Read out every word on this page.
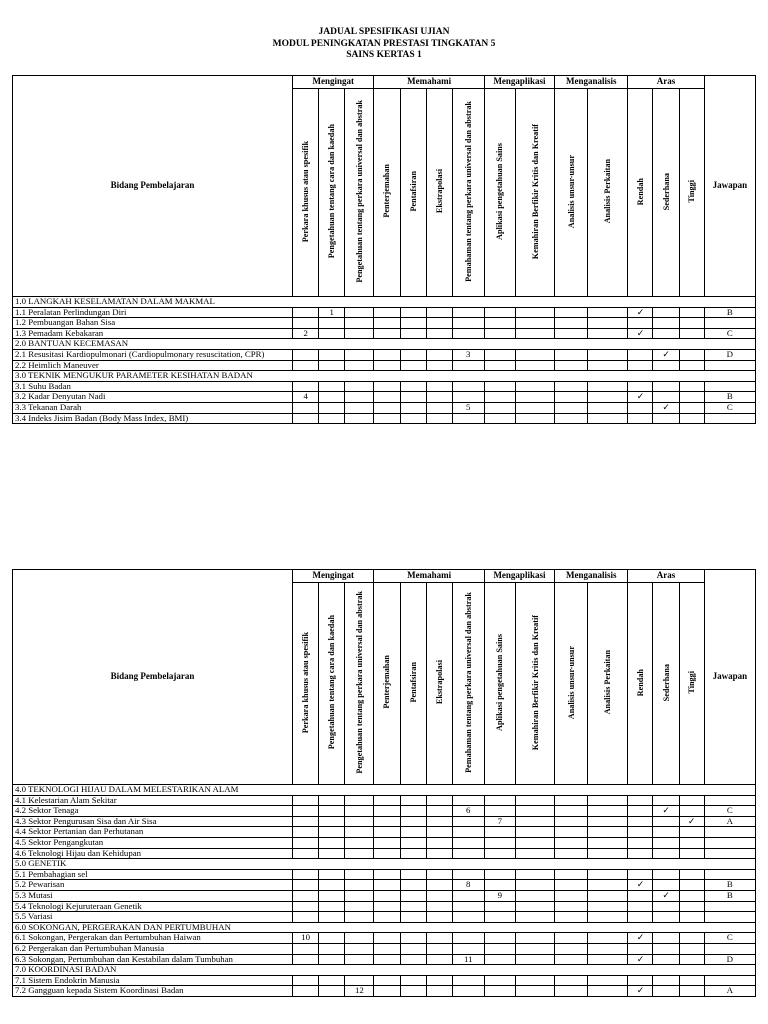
JADUAL SPESIFIKASI UJIAN
MODUL PENINGKATAN PRESTASI TINGKATAN 5
SAINS KERTAS 1
Bidang Pembelajaran	Mengingat			Memahami				Mengaplikasi		Menganalisis		Aras			Jawapan
	Perkara khusus atau spesifik	Pengetahuan tentang cara dan kaedah	Pengetahuan tentang perkara universal dan abstrak	Penterjemahan	Pentafsiran	Ekstrapolasi	Pemahaman tentang perkara universal dan abstrak	Aplikasi pengetahuan Sains	Kemahiran Berfikir Kritis dan Kreatif	Analisis unsur-unsur	Analisis Perkaitan	Rendah	Sederhana	Tinggi	
1.0 LANGKAH KESELAMATAN DALAM MAKMAL															
1.1 Peralatan Perlindungan Diri		1										✓			B
1.2 Pembuangan Bahan Sisa															
1.3 Pemadam Kebakaran	2											✓			C
2.0 BANTUAN KECEMASAN															
2.1 Resusitasi Kardiopulmonari (Cardiopulmonary resuscitation, CPR)							3						✓		D
2.2 Heimlich Maneuver															
3.0 TEKNIK MENGUKUR PARAMETER KESIHATAN BADAN															
3.1 Suhu Badan															
3.2 Kadar Denyutan Nadi	4											✓			B
3.3 Tekanan Darah							5						✓		C
3.4 Indeks Jisim Badan (Body Mass Index, BMI)															
Bidang Pembelajaran	Mengingat			Memahami				Mengaplikasi		Menganalisis		Aras			Jawapan
	Perkara khusus atau spesifik	Pengetahuan tentang cara dan kaedah	Pengetahuan tentang perkara universal dan abstrak	Penterjemahan	Pentafsiran	Ekstrapolasi	Pemahaman tentang perkara universal dan abstrak	Aplikasi pengetahuan Sains	Kemahiran Berfikir Kritis dan Kreatif	Analisis unsur-unsur	Analisis Perkaitan	Rendah	Sederhana	Tinggi	
4.0 TEKNOLOGI HIJAU DALAM MELESTARIKAN ALAM															
4.1 Kelestarian Alam Sekitar															
4.2 Sektor Tenaga							6						✓		C
4.3 Sektor Pengurusan Sisa dan Air Sisa								7						✓	A
4.4 Sektor Pertanian dan Perhutanan															
4.5 Sektor Pengangkutan															
4.6 Teknologi Hijau dan Kehidupan															
5.0 GENETIK															
5.1 Pembahagian sel															
5.2 Pewarisan							8					✓			B
5.3 Mutasi								9					✓		B
5.4 Teknologi Kejuruteraan Genetik															
5.5 Variasi															
6.0 SOKONGAN, PERGERAKAN DAN PERTUMBUHAN															
6.1 Sokongan, Pergerakan dan Pertumbuhan Haiwan	10											✓			C
6.2 Pergerakan dan Pertumbuhan Manusia															
6.3 Sokongan, Pertumbuhan dan Kestabilan dalam Tumbuhan							11					✓			D
7.0 KOORDINASI BADAN															
7.1 Sistem Endokrin Manusia															
7.2 Gangguan kepada Sistem Koordinasi Badan			12									✓			A
